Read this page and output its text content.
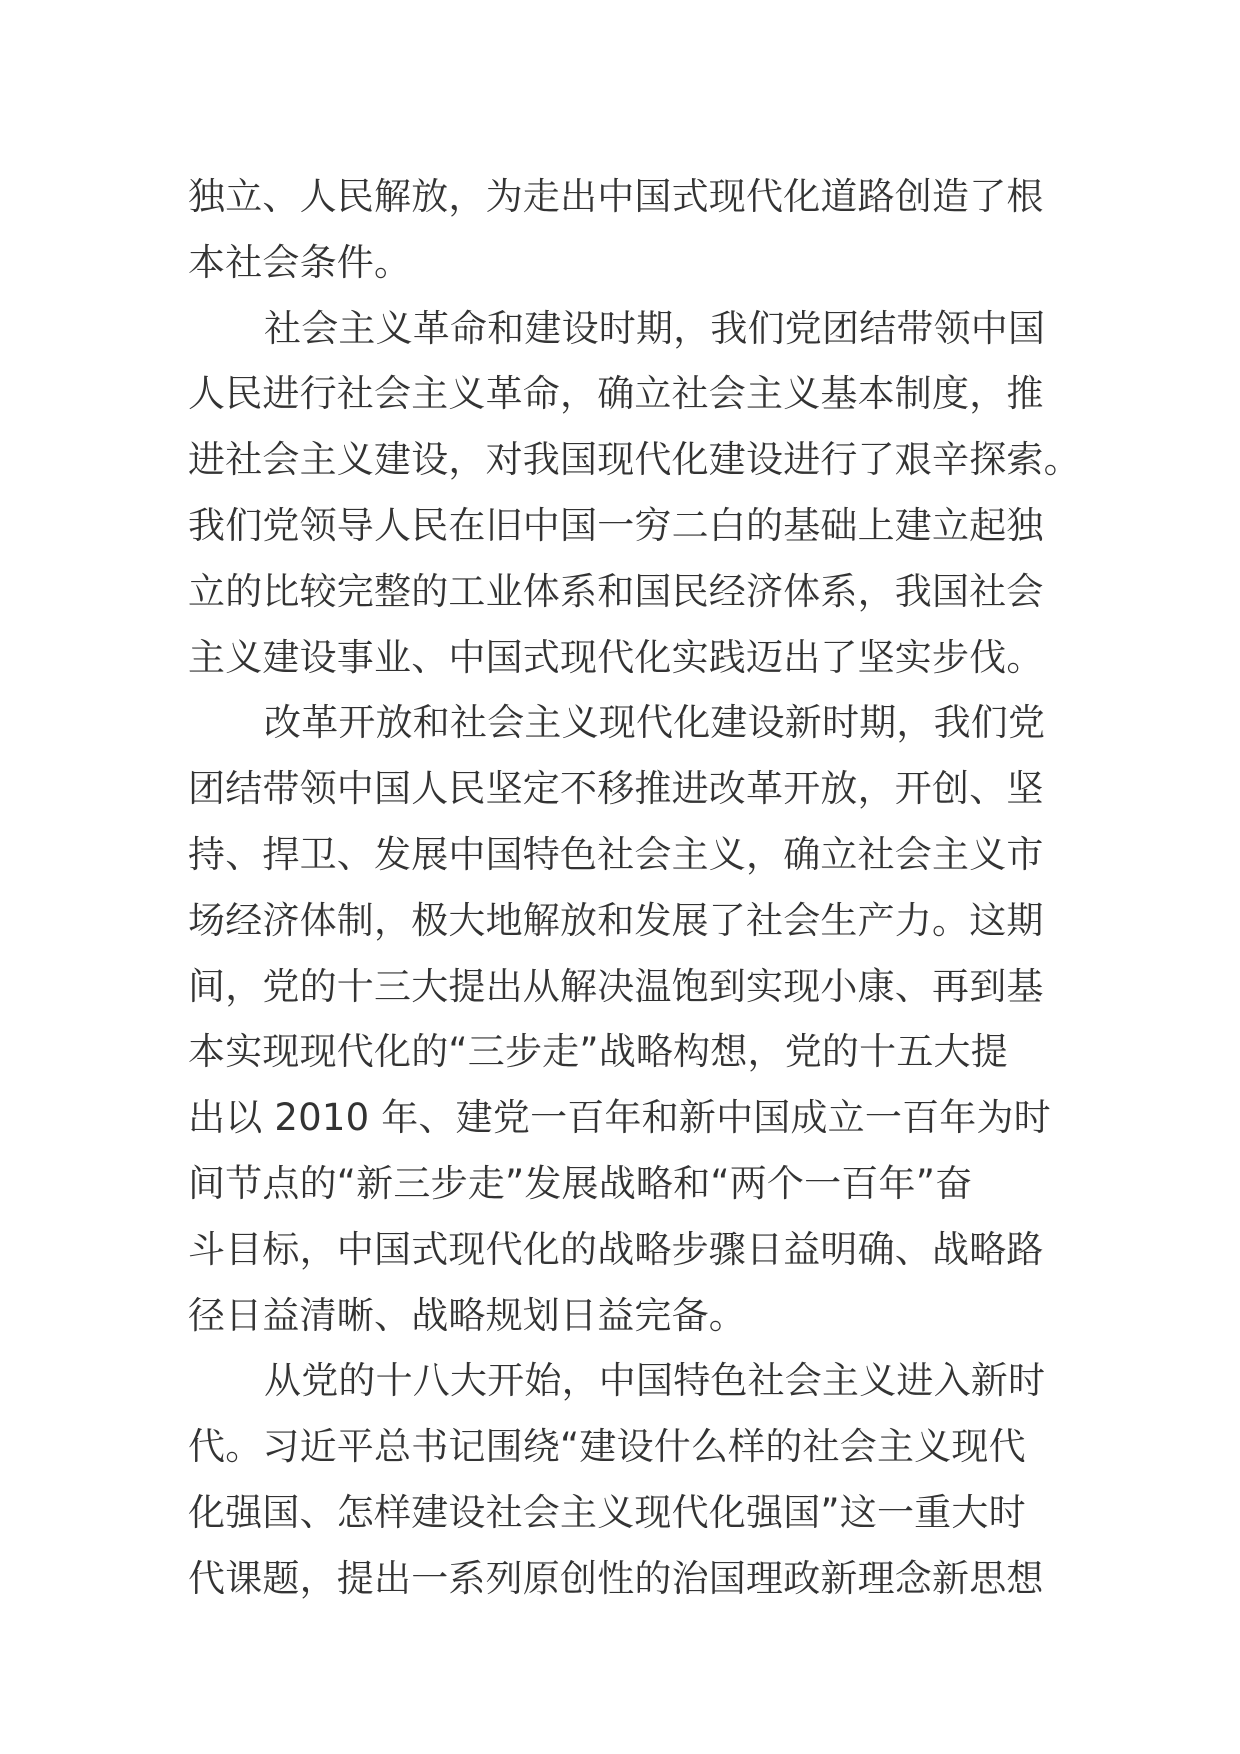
独立、人民解放，为走出中国式现代化道路创造了根
本社会条件。
社会主义革命和建设时期，我们党团结带领中国
人民进行社会主义革命，确立社会主义基本制度，推
进社会主义建设，对我国现代化建设进行了艰辛探索。
我们党领导人民在旧中国一穷二白的基础上建立起独
立的比较完整的工业体系和国民经济体系，我国社会
主义建设事业、中国式现代化实践迈出了坚实步伐。
改革开放和社会主义现代化建设新时期，我们党
团结带领中国人民坚定不移推进改革开放，开创、坚
持、捍卫、发展中国特色社会主义，确立社会主义市
场经济体制，极大地解放和发展了社会生产力。这期
间，党的十三大提出从解决温饱到实现小康、再到基
本实现现代化的“三步走”战略构想，党的十五大提
出以 2010 年、建党一百年和新中国成立一百年为时
间节点的“新三步走”发展战略和“两个一百年”奋
斗目标，中国式现代化的战略步骤日益明确、战略路
径日益清晰、战略规划日益完备。
从党的十八大开始，中国特色社会主义进入新时
代。习近平总书记围绕“建设什么样的社会主义现代
化强国、怎样建设社会主义现代化强国”这一重大时
代课题，提出一系列原创性的治国理政新理念新思想
